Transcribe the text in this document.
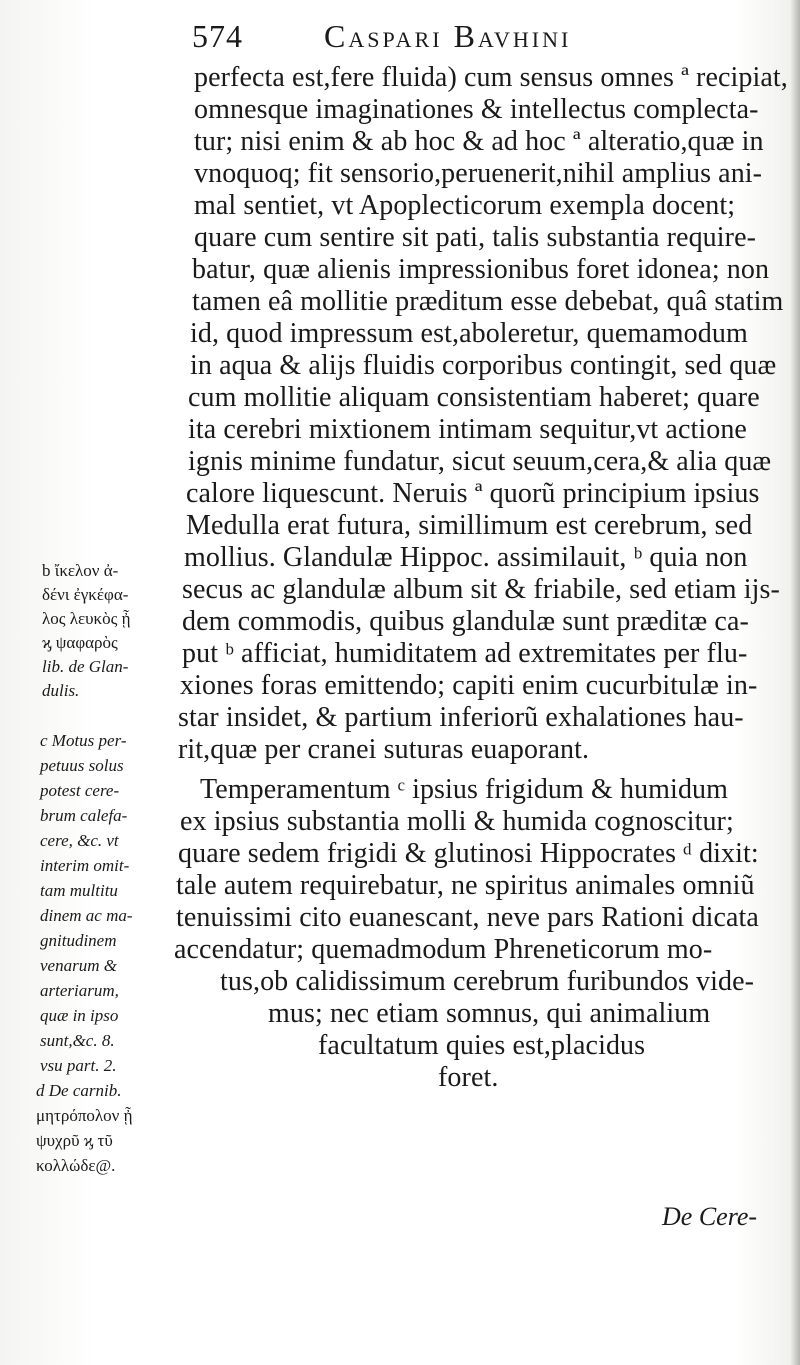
574	Caspari Bavhini
perfecta est,fere fluida) cum sensus omnes ª recipiat,
omnesque imaginationes & intellectus complecta-
tur; nisi enim & ab hoc & ad hoc ª alteratio,quæ in
vnoquoq; fit sensorio,peruenerit,nihil amplius ani-
mal sentiet, vt Apoplecticorum exempla docent;
quare cum sentire sit pati, talis substantia require-
batur, quæ alienis impressionibus foret idonea; non
tamen eâ mollitie præditum esse debebat, quâ statim
id, quod impressum est,aboleretur, quemamodum
in aqua & alijs fluidis corporibus contingit, sed quæ
cum mollitie aliquam consistentiam haberet; quare
ita cerebri mixtionem intimam sequitur,vt actione
ignis minime fundatur, sicut seuum,cera,& alia quæ
calore liquescunt. Neruis ª quorũ principium ipsius
Medulla erat futura, simillimum est cerebrum, sed
mollius. Glandulæ Hippoc. assimilauit, ᵇ quia non
secus ac glandulæ album sit & friabile, sed etiam ijs-
dem commodis, quibus glandulæ sunt præditæ ca-
put ᵇ afficiat, humiditatem ad extremitates per flu-
xiones foras emittendo; capiti enim cucurbitulæ in-
star insidet, & partium inferiorũ exhalationes hau-
rit,quæ per cranei suturas euaporant.
Temperamentum ᶜ ipsius frigidum & humidum
ex ipsius substantia molli & humida cognoscitur;
quare sedem frigidi & glutinosi Hippocrates ᵈ dixit:
tale autem requirebatur, ne spiritus animales omniũ
tenuissimi cito euanescant, neve pars Rationi dicata
accendatur; quemadmodum Phreneticorum mo-
tus,ob calidissimum cerebrum furibundos vide-
mus; nec etiam somnus, qui animalium
facultatum quies est,placidus
foret.
b ἴκελον ἀ-
δένι ἐγκέφα-
λος λευκὸς ᾖ
ϗ ψαφαρὸς
lib. de Glan-
dulis.
c Motus per-
petuus solus
potest cere-
brum calefa-
cere, &c. vt
interim omit-
tam multitu
dinem ac ma-
gnitudinem
venarum &
arteriarum,
quæ in ipso
sunt,&c. 8.
vsu part. 2.
d De carnib.
μητρόπολον ᾖ
ψυχρῦ ϗ τῦ
κολλώδε@.
De Cere-
